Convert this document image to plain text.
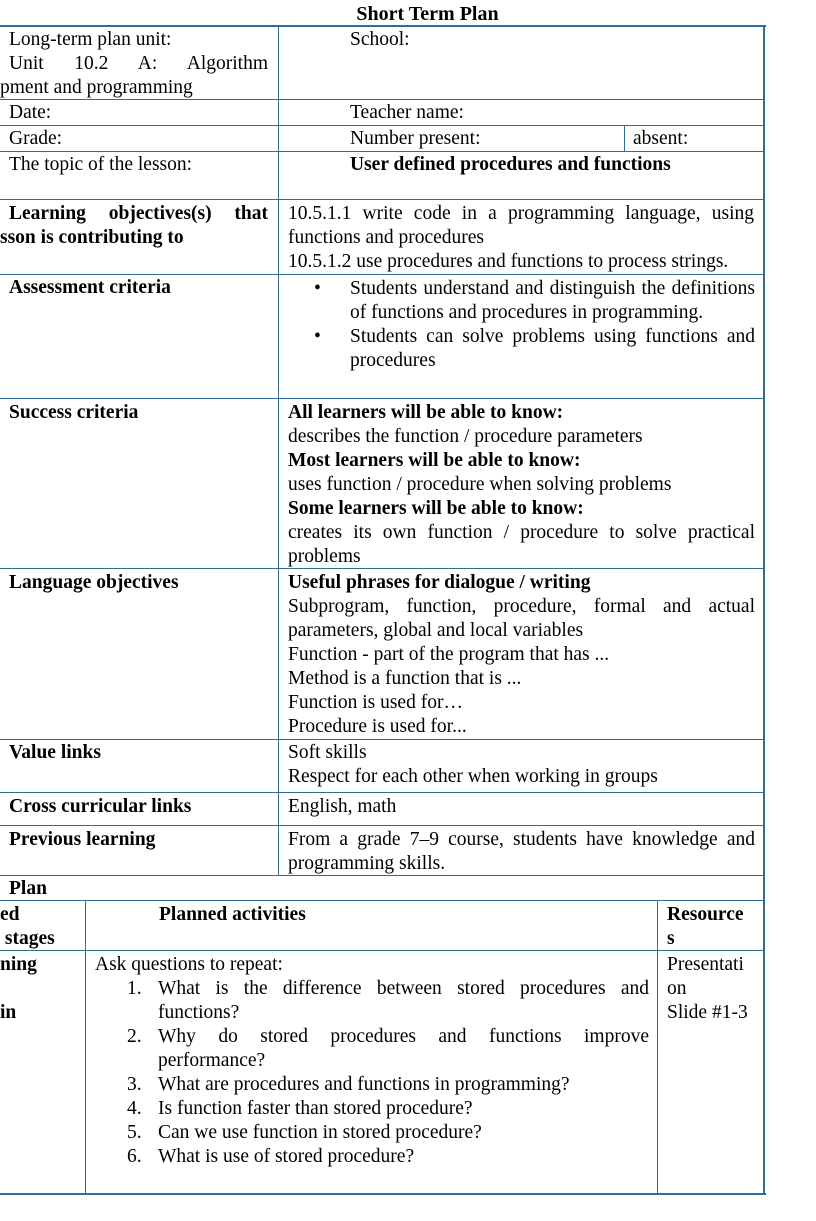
Short Term Plan
Long-term plan unit:
Unit 10.2 A: Algorithm
pment and programming
School:
Date:	Teacher name:
Grade:	Number present:	absent:
The topic of the lesson:	User defined procedures and functions
Learning objectives(s) that
sson is contributing to
10.5.1.1 write code in a programming language, using
functions and procedures
10.5.1.2 use procedures and functions to process strings.
Assessment criteria
•	Students understand and distinguish the definitions of functions and procedures in programming.
• Students can solve problems using functions and procedures
Success criteria	All learners will be able to know:
describes the function / procedure parameters
Most learners will be able to know:
uses function / procedure when solving problems
Some learners will be able to know:
creates its own function / procedure to solve practical problems
Language objectives	Useful phrases for dialogue / writing
Subprogram, function, procedure, formal and actual parameters, global and local variables
Function - part of the program that has ...
Method is a function that is ...
Function is used for…
Procedure is used for...
Value links	Soft skills
Respect for each other when working in groups
Cross curricular links	English, math
Previous learning	From a grade 7–9 course, students have knowledge and
programming skills.
Plan
ed
stages
Planned activities	Resource
s
ning
in
Ask questions to repeat:
1. What is the difference between stored procedures and functions?
2. Why do stored procedures and functions improve performance?
3. What are procedures and functions in programming?
4. Is function faster than stored procedure?
5. Can we use function in stored procedure?
6. What is use of stored procedure?
Presentati
on
Slide #1-3
